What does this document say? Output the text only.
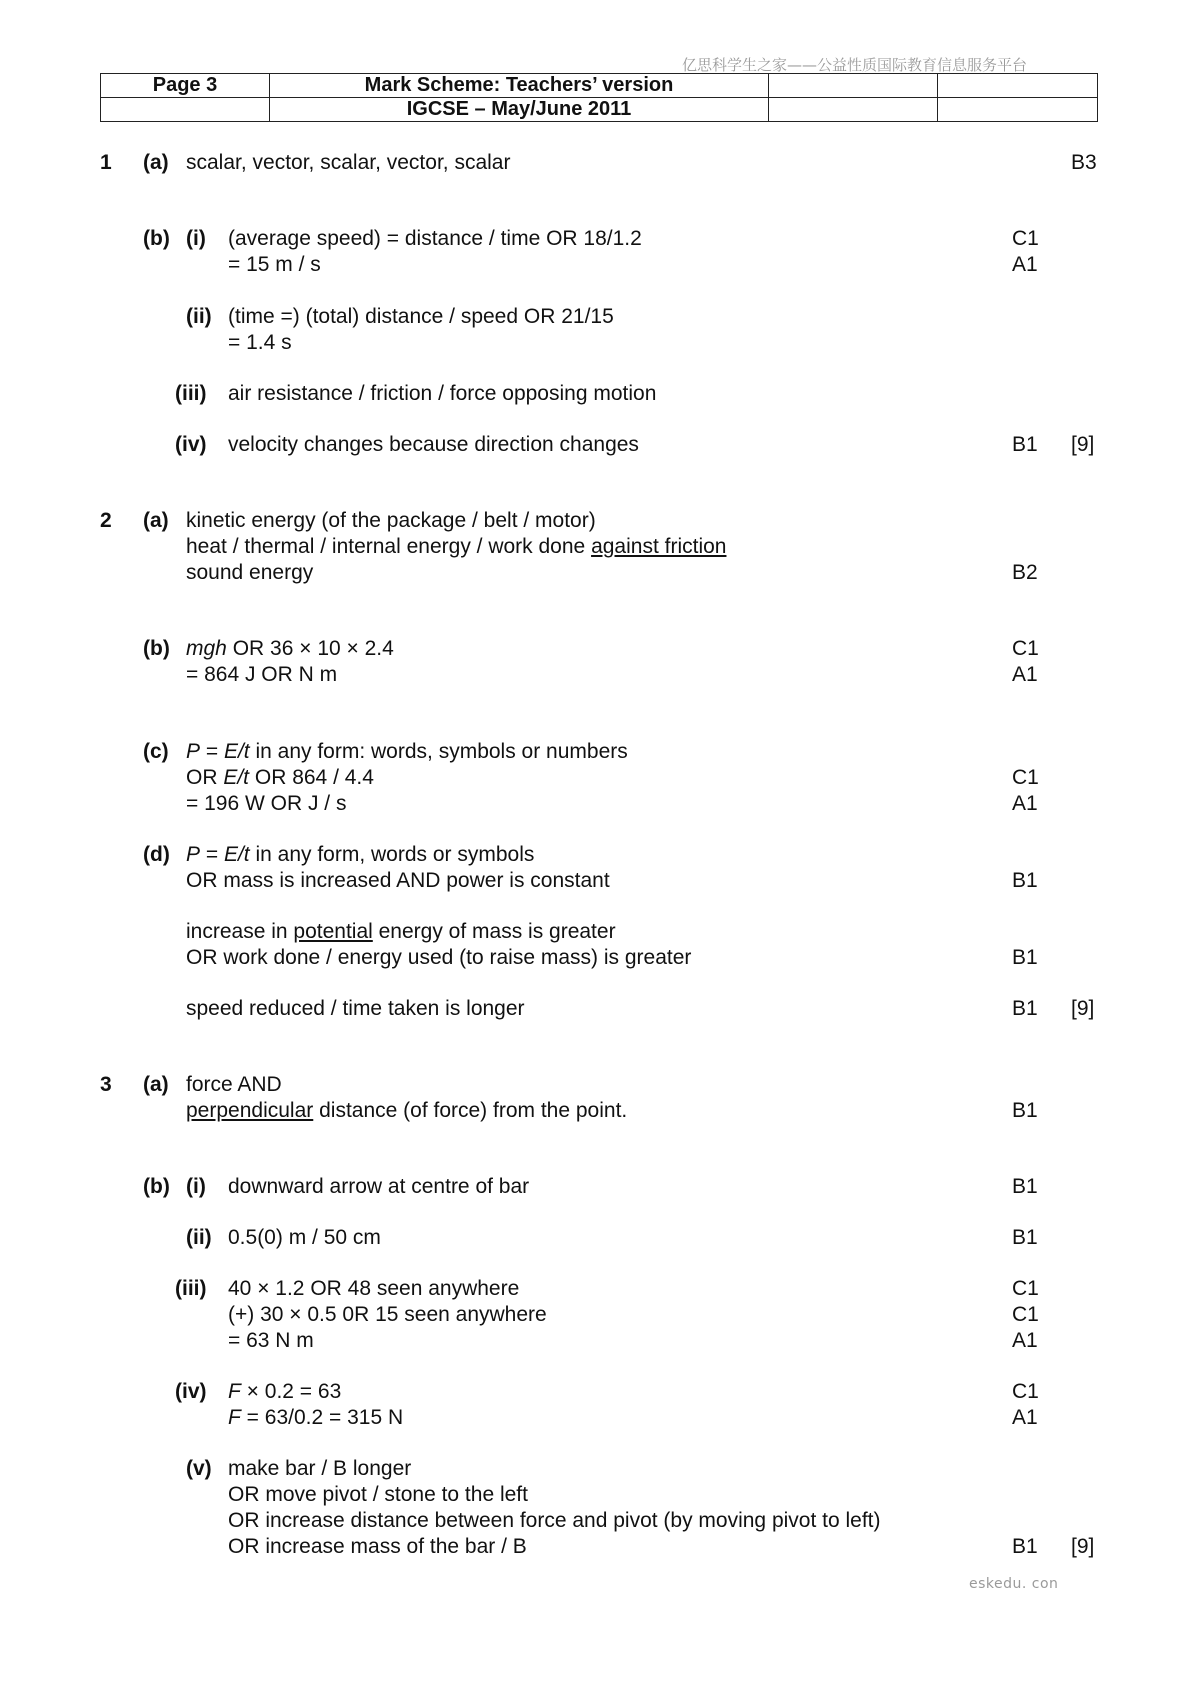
亿思科学生之家——公益性质国际教育信息服务平台
Page 3	Mark Scheme: Teachers’ version		
	IGCSE – May/June 2011		
1 (a) scalar, vector, scalar, vector, scalar	B3
(b) (i) (average speed) = distance / time OR 18/1.2	C1
= 15 m / s	A1
(ii) (time =) (total) distance / speed OR 21/15
= 1.4 s
(iii) air resistance / friction / force opposing motion
(iv) velocity changes because direction changes	B1 [9]
2 (a) kinetic energy (of the package / belt / motor)
heat / thermal / internal energy / work done against friction
sound energy	B2
(b) mgh OR 36 × 10 × 2.4	C1
= 864 J OR N m	A1
(c) P = E/t in any form: words, symbols or numbers
OR E/t OR 864 / 4.4	C1
= 196 W OR J / s	A1
(d) P = E/t in any form, words or symbols
OR mass is increased AND power is constant	B1
increase in potential energy of mass is greater
OR work done / energy used (to raise mass) is greater	B1
speed reduced / time taken is longer	B1 [9]
3 (a) force AND
perpendicular distance (of force) from the point.	B1
(b) (i) downward arrow at centre of bar	B1
(ii) 0.5(0) m / 50 cm	B1
(iii) 40 × 1.2 OR 48 seen anywhere	C1
(+) 30 × 0.5 0R 15 seen anywhere	C1
= 63 N m	A1
(iv) F × 0.2 = 63	C1
F = 63/0.2 = 315 N	A1
(v) make bar / B longer
OR move pivot / stone to the left
OR increase distance between force and pivot (by moving pivot to left)
OR increase mass of the bar / B	B1 [9]
eskedu. con
